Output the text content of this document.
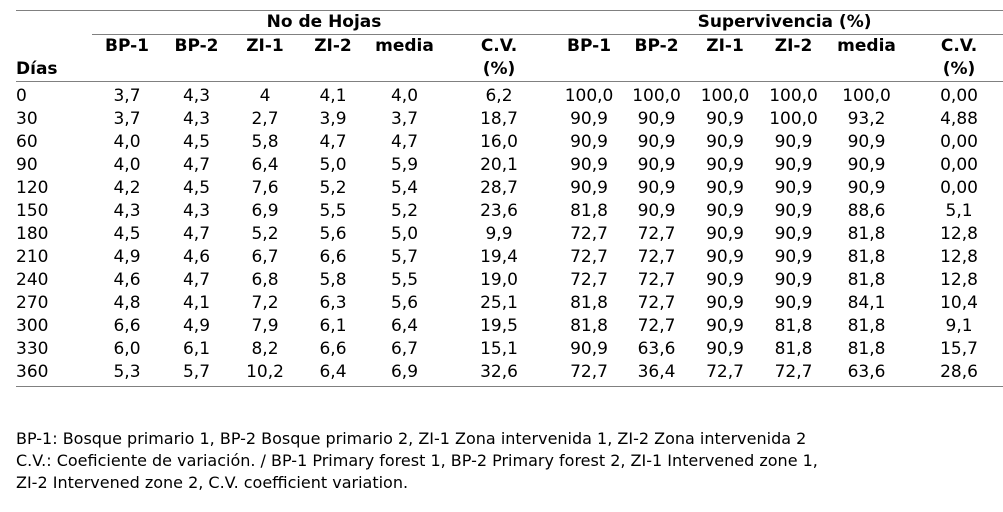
Días	No de Hojas						Supervivencia (%)					
	BP-1	BP-2	ZI-1	ZI-2	media	C.V.	BP-1	BP-2	ZI-1	ZI-2	media	C.V.
						(%)						(%)
0	3,7	4,3	4	4,1	4,0	6,2	100,0	100,0	100,0	100,0	100,0	0,00
30	3,7	4,3	2,7	3,9	3,7	18,7	90,9	90,9	90,9	100,0	93,2	4,88
60	4,0	4,5	5,8	4,7	4,7	16,0	90,9	90,9	90,9	90,9	90,9	0,00
90	4,0	4,7	6,4	5,0	5,9	20,1	90,9	90,9	90,9	90,9	90,9	0,00
120	4,2	4,5	7,6	5,2	5,4	28,7	90,9	90,9	90,9	90,9	90,9	0,00
150	4,3	4,3	6,9	5,5	5,2	23,6	81,8	90,9	90,9	90,9	88,6	5,1
180	4,5	4,7	5,2	5,6	5,0	9,9	72,7	72,7	90,9	90,9	81,8	12,8
210	4,9	4,6	6,7	6,6	5,7	19,4	72,7	72,7	90,9	90,9	81,8	12,8
240	4,6	4,7	6,8	5,8	5,5	19,0	72,7	72,7	90,9	90,9	81,8	12,8
270	4,8	4,1	7,2	6,3	5,6	25,1	81,8	72,7	90,9	90,9	84,1	10,4
300	6,6	4,9	7,9	6,1	6,4	19,5	81,8	72,7	90,9	81,8	81,8	9,1
330	6,0	6,1	8,2	6,6	6,7	15,1	90,9	63,6	90,9	81,8	81,8	15,7
360	5,3	5,7	10,2	6,4	6,9	32,6	72,7	36,4	72,7	72,7	63,6	28,6

BP-1: Bosque primario 1, BP-2 Bosque primario 2, ZI-1 Zona intervenida 1, ZI-2 Zona intervenida 2

C.V.: Coeficiente de variación. / BP-1 Primary forest 1, BP-2 Primary forest 2, ZI-1 Intervened zone 1,

ZI-2 Intervened zone 2, C.V. coefficient variation.
